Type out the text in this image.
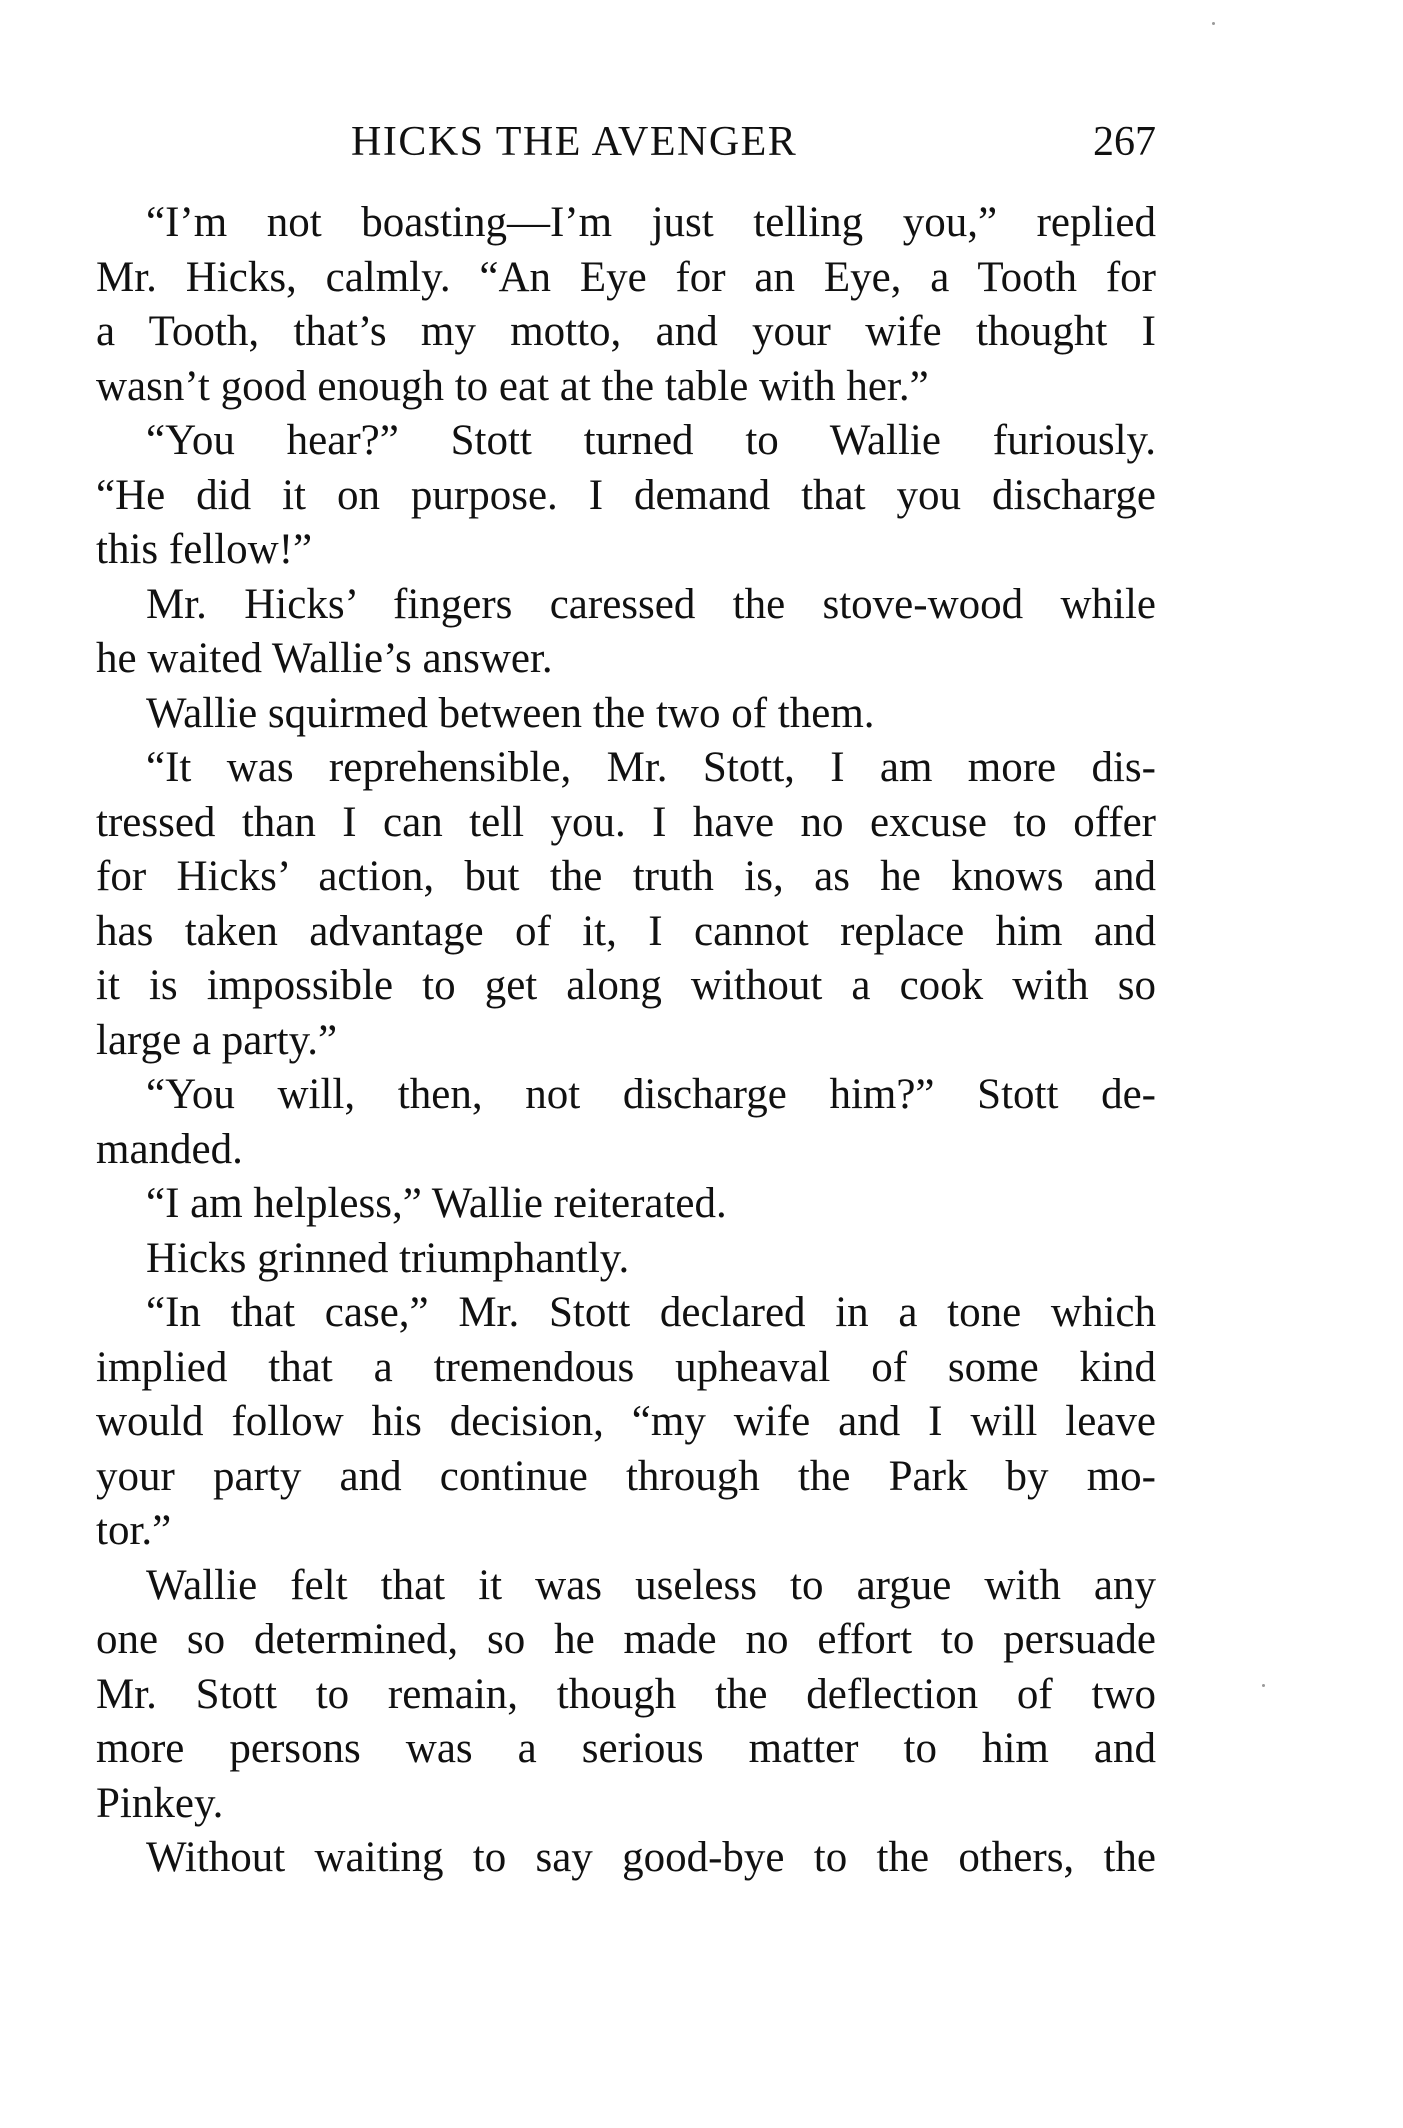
HICKS THE AVENGER	267
“I’m not boasting—I’m just telling you,” replied
Mr. Hicks, calmly. “An Eye for an Eye, a Tooth for
a Tooth, that’s my motto, and your wife thought I
wasn’t good enough to eat at the table with her.”
“You hear?” Stott turned to Wallie furiously.
“He did it on purpose. I demand that you discharge
this fellow!”
Mr. Hicks’ fingers caressed the stove-wood while
he waited Wallie’s answer.
Wallie squirmed between the two of them.
“It was reprehensible, Mr. Stott, I am more dis-
tressed than I can tell you. I have no excuse to offer
for Hicks’ action, but the truth is, as he knows and
has taken advantage of it, I cannot replace him and
it is impossible to get along without a cook with so
large a party.”
“You will, then, not discharge him?” Stott de-
manded.
“I am helpless,” Wallie reiterated.
Hicks grinned triumphantly.
“In that case,” Mr. Stott declared in a tone which
implied that a tremendous upheaval of some kind
would follow his decision, “my wife and I will leave
your party and continue through the Park by mo-
tor.”
Wallie felt that it was useless to argue with any
one so determined, so he made no effort to persuade
Mr. Stott to remain, though the deflection of two
more persons was a serious matter to him and
Pinkey.
Without waiting to say good-bye to the others, the
